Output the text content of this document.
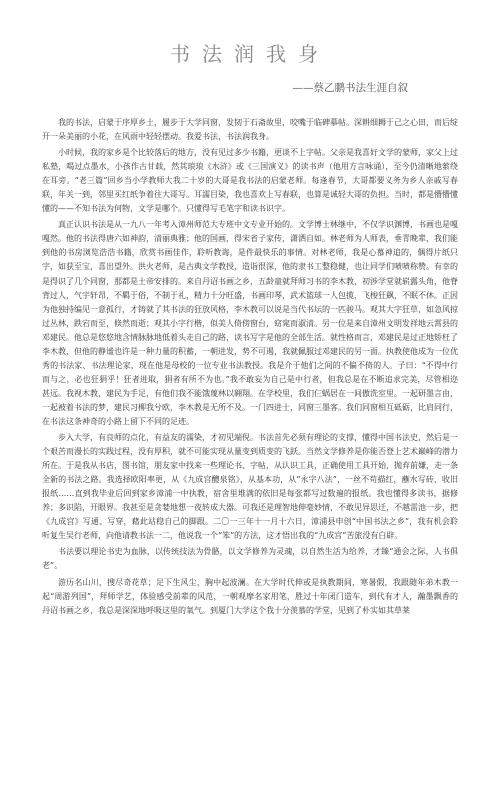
书法润我身

——蔡乙鹏书法生涯自叙

我的书法，启蒙于序厚乡土，履步于大学同窗，发韧于石斋故里，咬嘴于临碑摹帖。深耕细耨于己之心田，而后绽开一朵美丽的小花，在风雨中轻轻摆动。我爱书法，书法润我身。

小时候，我的家乡是个比较落后的地方，没有见过多少书籍，更谈不上字帖。父亲是我喜好文学的蒙师，家父上过私塾，喝过点墨水，小孩作古甘载，然其琅琅《水浒》或《三国演义》的读书声（他用方言咏诵），至今仍清晰地萦绕在耳旁。“老三篇”回乡当小学教师大我二十岁的大哥是我书法的启蒙老师。每逢春节，大哥都要义务为乡人亲戚写春联，年关一到，邻里买红纸争着往大哥写。耳濡目染，我也喜欢上写春联，也算是诚轻大哥的负担。当时，都是懵懵懂懂的——不知书法为何物，文学是哪个。只懂得写毛笔字和读书识字。

真正认识书法是从一九八一年考入漳州师范大专班中文专业开始的。文学博士林继中，不仅学识渊博，书画也是嘎嘎然。他的书法得唐六如神韵，清丽典雅；他的国画，得宋省子家传，潇洒自如。林老师为人师表，垂青晚辈，我们能到他的书房浏览浩浩书籍，欣赏书画佳作，聆听教诲，是件最快乐的事情。对林老师，我是心慕神追的，偶得片纸只字，如获至宝，喜出望外。洪火老师，是古典文学教授，造诣很深，他的隶书工整稳健，也让同学们啧啧称赞。有幸的是得识了几个同窗，那都是土帝安排的。来自丹诏书画之乡，五龄童就拜师习书的李木教，初涉学堂就崭露头角，他脊背过人，气宇轩昂，不羁于俗，不制于礼，精力十分旺盛，书画印琴，武术篮球一人包揽，飞梭狂飙，不眠不休。正因为他独持编见一意孤行，才铸就了其书法的狂放风格，李木教可以说是当代书坛的一匹骏马。观其大字狂草，如急风掠过丛林，跌宕而至，倏然而逝；观其小字行楷，似美人倚傍窗台，窈窕而淑清。另一位是来自漳州文明发祥地云霄县的邓建民。他总是悠悠地含情脉脉地低着头走自己的路，读书写字是他的全部生活。就性格而言，邓建民是过正地矫枉了李木教，但他的静谧也许是一种力量的积蓄，一朝进发，势不可遏，我就佩服过邓建民的另一面。执教使他成为一位优秀的书法家、书法理论家，现在他是母校的一位专业书法教授。我是介于他们之间的不偏不倚的人。子曰：“不得中行而与之，必也狂狷乎！狂者进取，狷者有所不为也。”我不敢妄为自己是中行者，但我总是在不断追求完美，尽管相迩甚远。我视木教，建民为手足，有他们我不能饿蔑林以翱翔。在学校里，我们仨蜗居在一间傲洗室里。一起研墨言由，一起被着书法的梦，建民习柳我兮欧，李木教是无所不及。一门四进士，同窗三墨客。我们同窗相互砥砺，比肩同行，在书法这条神奇的小路上留下不同的足迹。

步入大学，有良师的点化，有益友的濡染，才初见端倪。书法首先必须有理论的支撑，懂得中国书法史，然后是一个艰苦而漫长的实践过程，没有厚积，就不可能实现从量变到质变的飞跃。当然文学修养是你能否登上艺术巅峰的潜力所在。于是我从书店，图书馆，朋友家中找来一些理论书、字帖，从认识工具，正确使用工具开始，抛弃前嫌，走一条全新的书法之路。我选择欧阳率更，从《九成宫醴泉铭》，从基本功，从“永字八法”，一丝不苟描红，蘸水写砖，收旧报纸……直到我毕业后回到家乡漳浦一中执教，宿舍里堆满的依旧是每张都写过数遍的报纸。我也懂得多读书，据修养；多识陷，开眼界。我甚至是贪婪地想一夜转成大器。可我还是理智地伸毫妙情，不敢见异思迁，不越雷池一步，把《九成宫》写通、写穿，藉此站稳自己的脚跟。二〇一三年十一月十六日，漳浦县申创“中国书法之乡”，我有机会聆听复生吴行老师，向他请教书法一二，他说我一个“笨”的方法，这才悟出我的“九成宫”苦旅没有白辟。

书法要以理论书史为血脉，以传统技法为骨骼，以文学修养为灵魂，以自然生活为给养，才臻“通会之际，人书俱老”。

游历名山川，搜尽奇花草；足下生风尘，胸中起波澜。在大学时代伸或是执教期间，寒暑假，我跟随年弟木教一起“周游列国”，拜师学艺，体验感受前辈的风范，一朝观摩名家用笔，胜过十年闭门造车，到代有才人，瀚墨飘香的丹诏书画之乡，我总是深深地呼吸这里的氧气。到厦门大学这个我十分羡慕的学堂，见到了朴实如其草莱
